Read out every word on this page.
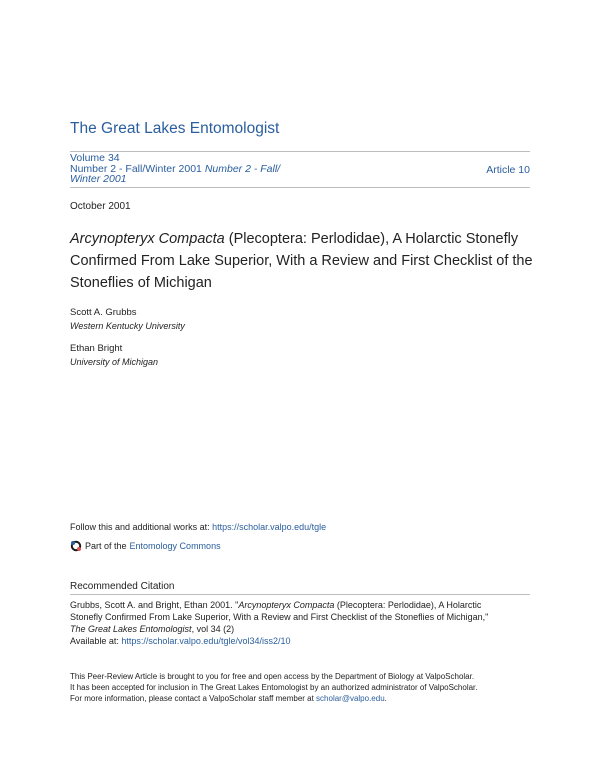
The Great Lakes Entomologist
Volume 34
Number 2 - Fall/Winter 2001 Number 2 - Fall/
Winter 2001
Article 10
October 2001
Arcynopteryx Compacta (Plecoptera: Perlodidae), A Holarctic Stonefly Confirmed From Lake Superior, With a Review and First Checklist of the Stoneflies of Michigan
Scott A. Grubbs
Western Kentucky University
Ethan Bright
University of Michigan
Follow this and additional works at: https://scholar.valpo.edu/tgle
Part of the Entomology Commons
Recommended Citation
Grubbs, Scott A. and Bright, Ethan 2001. "Arcynopteryx Compacta (Plecoptera: Perlodidae), A Holarctic
Stonefly Confirmed From Lake Superior, With a Review and First Checklist of the Stoneflies of Michigan,"
The Great Lakes Entomologist, vol 34 (2)
Available at: https://scholar.valpo.edu/tgle/vol34/iss2/10
This Peer-Review Article is brought to you for free and open access by the Department of Biology at ValpoScholar.
It has been accepted for inclusion in The Great Lakes Entomologist by an authorized administrator of ValpoScholar.
For more information, please contact a ValpoScholar staff member at scholar@valpo.edu.
